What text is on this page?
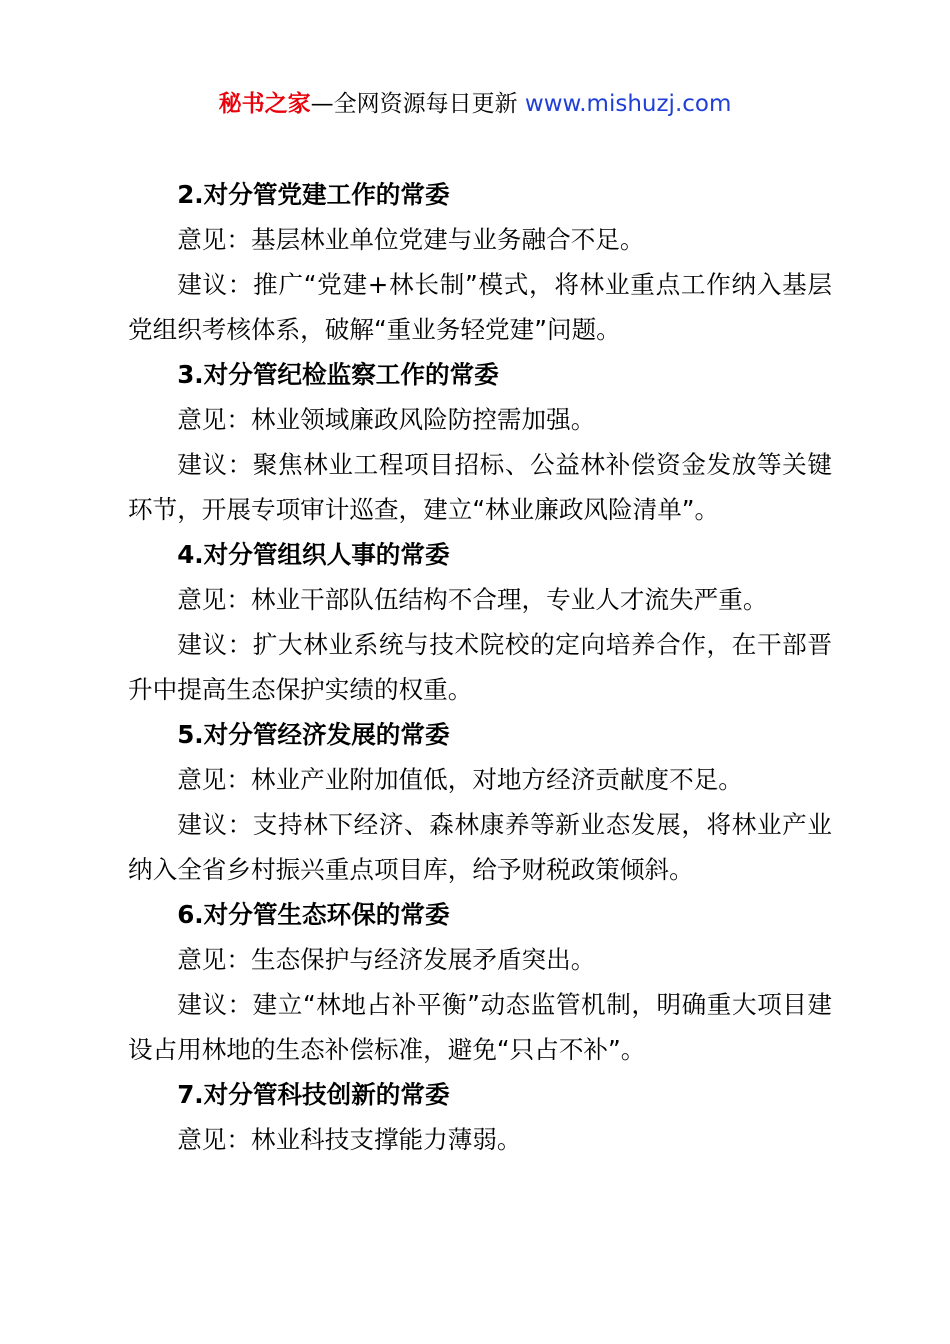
秘书之家—全网资源每日更新 www.mishuzj.com

2.对分管党建工作的常委

意见：基层林业单位党建与业务融合不足。

建议：推广“党建+林长制”模式，将林业重点工作纳入基层党组织考核体系，破解“重业务轻党建”问题。

3.对分管纪检监察工作的常委

意见：林业领域廉政风险防控需加强。

建议：聚焦林业工程项目招标、公益林补偿资金发放等关键环节，开展专项审计巡查，建立“林业廉政风险清单”。

4.对分管组织人事的常委

意见：林业干部队伍结构不合理，专业人才流失严重。

建议：扩大林业系统与技术院校的定向培养合作，在干部晋升中提高生态保护实绩的权重。

5.对分管经济发展的常委

意见：林业产业附加值低，对地方经济贡献度不足。

建议：支持林下经济、森林康养等新业态发展，将林业产业纳入全省乡村振兴重点项目库，给予财税政策倾斜。

6.对分管生态环保的常委

意见：生态保护与经济发展矛盾突出。

建议：建立“林地占补平衡”动态监管机制，明确重大项目建设占用林地的生态补偿标准，避免“只占不补”。

7.对分管科技创新的常委

意见：林业科技支撑能力薄弱。
